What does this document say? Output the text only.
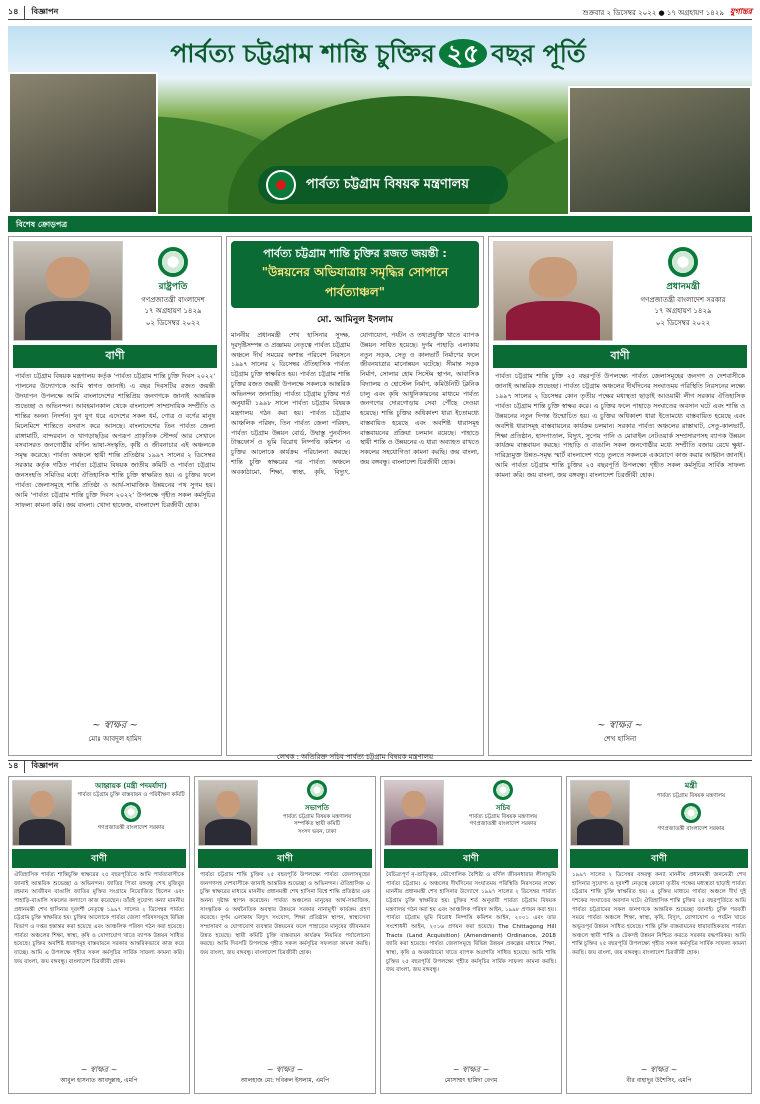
১৪	বিজ্ঞাপন	শুক্রবার ২ ডিসেম্বর ২০২২ ● ১৭ অগ্রহায়ণ ১৪২৯ যুগান্তর
পার্বত্য চট্টগ্রাম শান্তি চুক্তির ২৫ বছর পূর্তি
পার্বত্য চট্টগ্রাম বিষয়ক মন্ত্রণালয়
বিশেষ ক্রোড়পত্র
রাষ্ট্রপতি
গণপ্রজাতন্ত্রী বাংলাদেশ
১৭ অগ্রহায়ণ ১৪২৯
০২ ডিসেম্বর ২০২২
বাণী
পার্বত্য চট্টগ্রাম বিষয়ক মন্ত্রণালয় কর্তৃক 'পার্বত্য চট্টগ্রাম শান্তি চুক্তি দিবস ২০২২' পালনের উদ্যোগকে আমি স্বাগত জানাই। এ বছর দিবসটির রজত জয়ন্তী উদযাপন উপলক্ষে আমি বাংলাদেশের শান্তিপ্রিয় জনগণকে জানাই আন্তরিক শুভেচ্ছা ও অভিনন্দন। আবহমানকাল থেকে বাংলাদেশ সাম্প্রদায়িক সম্প্রীতি ও শান্তির অনন্য নিদর্শন। যুগ যুগ ধরে এদেশের সকল ধর্ম, গোত্র ও বর্ণের মানুষ মিলেমিশে শান্তিতে বসবাস করে আসছে। বাংলাদেশের তিন পার্বত্য জেলা রাঙ্গামাটি, বান্দরবান ও খাগড়াছড়ির অপরূপ প্রাকৃতিক সৌন্দর্য আর সেখানে বসবাসরত জনগোষ্ঠীর বর্ণিল ভাষা-সংস্কৃতি, কৃষ্টি ও জীবনাচার এই অঞ্চলকে সমৃদ্ধ করেছে। পার্বত্য অঞ্চলে স্থায়ী শান্তি প্রতিষ্ঠায় ১৯৯৭ সালের ২ ডিসেম্বর সরকার কর্তৃক গঠিত পার্বত্য চট্টগ্রাম বিষয়ক জাতীয় কমিটি ও পার্বত্য চট্টগ্রাম জনসংহতি সমিতির মধ্যে ঐতিহাসিক শান্তি চুক্তি স্বাক্ষরিত হয়। এ চুক্তির ফলে পার্বত্য জেলাসমূহে শান্তি প্রতিষ্ঠা ও আর্থ-সামাজিক উন্নয়নের পথ সুগম হয়। আমি 'পার্বত্য চট্টগ্রাম শান্তি চুক্তি দিবস ২০২২' উপলক্ষে গৃহীত সকল কর্মসূচির সাফল্য কামনা করি। জয় বাংলা। খোদা হাফেজ, বাংলাদেশ চিরজীবী হোক।
~ স্বাক্ষর ~
মোঃ আবদুল হামিদ
পার্বত্য চট্টগ্রাম শান্তি চুক্তির রজত জয়ন্তী :
"উন্নয়নের অভিযাত্রায় সমৃদ্ধির সোপানে পার্বত্যাঞ্চল"
মো. আমিনুল ইসলাম
মাননীয় প্রধানমন্ত্রী শেখ হাসিনার সুদক্ষ, দূরদৃষ্টিসম্পন্ন ও প্রজ্ঞাময় নেতৃত্বে পার্বত্য চট্টগ্রাম অঞ্চলে দীর্ঘ সময়ের অশান্ত পরিবেশ নিরসনে ১৯৯৭ সালের ২ ডিসেম্বর ঐতিহাসিক পার্বত্য চট্টগ্রাম চুক্তি স্বাক্ষরিত হয়। পার্বত্য চট্টগ্রাম শান্তি চুক্তির রজত জয়ন্তী উপলক্ষে সকলকে আন্তরিক অভিনন্দন জানাচ্ছি। পার্বত্য চট্টগ্রাম চুক্তির শর্ত অনুযায়ী ১৯৯৮ সালে পার্বত্য চট্টগ্রাম বিষয়ক মন্ত্রণালয় গঠন করা হয়। পার্বত্য চট্টগ্রাম আঞ্চলিক পরিষদ, তিন পার্বত্য জেলা পরিষদ, পার্বত্য চট্টগ্রাম উন্নয়ন বোর্ড, উদ্বাস্তু পুনর্বাসন টাস্কফোর্স ও ভূমি বিরোধ নিষ্পত্তি কমিশন এ চুক্তির আলোকে কার্যক্রম পরিচালনা করছে। শান্তি চুক্তি স্বাক্ষরের পর পার্বত্য অঞ্চলে অবকাঠামো, শিক্ষা, স্বাস্থ্য, কৃষি, বিদ্যুৎ, যোগাযোগ, পর্যটন ও তথ্যপ্রযুক্তি খাতে ব্যাপক উন্নয়ন সাধিত হয়েছে। দুর্গম পাহাড়ি এলাকায় নতুন সড়ক, সেতু ও কালভার্ট নির্মাণের ফলে জীবনযাত্রার মানোন্নয়ন ঘটেছে। সীমান্ত সড়ক নির্মাণ, সোলার হোম সিস্টেম স্থাপন, আবাসিক বিদ্যালয় ও হোস্টেল নির্মাণ, কমিউনিটি ক্লিনিক চালু এবং কৃষি আধুনিকায়নের মাধ্যমে পার্বত্য জনগণের দোরগোড়ায় সেবা পৌঁছে দেওয়া হয়েছে। শান্তি চুক্তির অধিকাংশ ধারা ইতোমধ্যে বাস্তবায়িত হয়েছে এবং অবশিষ্ট ধারাসমূহ বাস্তবায়নের প্রক্রিয়া চলমান রয়েছে। পাহাড়ে স্থায়ী শান্তি ও উন্নয়নের এ ধারা অব্যাহত রাখতে সকলের সহযোগিতা কামনা করছি। জয় বাংলা, জয় বঙ্গবন্ধু। বাংলাদেশ চিরজীবী হোক।
লেখক : অতিরিক্ত সচিব পার্বত্য চট্টগ্রাম বিষয়ক মন্ত্রণালয়
প্রধানমন্ত্রী
গণপ্রজাতন্ত্রী বাংলাদেশ সরকার
১৭ অগ্রহায়ণ ১৪২৯
০২ ডিসেম্বর ২০২২
বাণী
পার্বত্য চট্টগ্রাম শান্তি চুক্তি ২৫ বছরপূর্তি উপলক্ষ্যে পার্বত্য জেলাসমূহের জনগণ ও দেশবাসীকে জানাই আন্তরিক শুভেচ্ছা। পার্বত্য চট্টগ্রাম অঞ্চলের দীর্ঘদিনের সংঘাতময় পরিস্থিতি নিরসনের লক্ষ্যে ১৯৯৭ সালের ২ ডিসেম্বর কোন তৃতীয় পক্ষের মধ্যস্থতা ছাড়াই আওয়ামী লীগ সরকার ঐতিহাসিক পার্বত্য চট্টগ্রাম শান্তি চুক্তি স্বাক্ষর করে। এ চুক্তির ফলে পাহাড়ে সংঘাতের অবসান ঘটে এবং শান্তি ও উন্নয়নের নতুন দিগন্ত উন্মোচিত হয়। এ চুক্তির অধিকাংশ ধারা ইতোমধ্যে বাস্তবায়িত হয়েছে এবং অবশিষ্ট ধারাসমূহ বাস্তবায়নের কার্যক্রম চলমান। সরকার পার্বত্য অঞ্চলের রাস্তাঘাট, সেতু-কালভার্ট, শিক্ষা প্রতিষ্ঠান, হাসপাতাল, বিদ্যুৎ, সুপেয় পানি ও মোবাইল নেটওয়ার্ক সম্প্রসারণসহ ব্যাপক উন্নয়ন কার্যক্রম বাস্তবায়ন করছে। পাহাড়ি ও বাঙালি সকল জনগোষ্ঠীর মধ্যে সম্প্রীতি বজায় রেখে ক্ষুধা-দারিদ্র্যমুক্ত উন্নত-সমৃদ্ধ স্মার্ট বাংলাদেশ গড়ে তুলতে সকলকে একযোগে কাজ করার আহ্বান জানাই। আমি পার্বত্য চট্টগ্রাম শান্তি চুক্তির ২৫ বছরপূর্তি উপলক্ষ্যে গৃহীত সকল কর্মসূচির সার্বিক সাফল্য কামনা করি। জয় বাংলা, জয় বঙ্গবন্ধু। বাংলাদেশ চিরজীবী হোক।
~ স্বাক্ষর ~
শেখ হাসিনা
১৪	বিজ্ঞাপন
আহ্বায়ক (মন্ত্রী পদমর্যাদা)
পার্বত্য চট্টগ্রাম চুক্তি বাস্তবায়ন ও পরিবীক্ষণ কমিটি
গণপ্রজাতন্ত্রী বাংলাদেশ সরকার
বাণী
ঐতিহাসিক পার্বত্য শান্তিচুক্তি স্বাক্ষরের ২৫ বছরপূর্তিতে আমি পার্বত্যবাসীকে জানাই আন্তরিক শুভেচ্ছা ও অভিনন্দন। জাতির পিতা বঙ্গবন্ধু শেখ মুজিবুর রহমান আজীবন বাঙালি জাতির মুক্তির সংগ্রামে নিয়োজিত ছিলেন এবং পাহাড়ি-বাঙালি সকলের কল্যাণে কাজ করেছেন। তাঁরই সুযোগ্য কন্যা মাননীয় প্রধানমন্ত্রী শেখ হাসিনার দূরদর্শী নেতৃত্বে ১৯৯৭ সালের ২ ডিসেম্বর পার্বত্য চট্টগ্রাম চুক্তি স্বাক্ষরিত হয়। চুক্তির আলোকে পার্বত্য জেলা পরিষদসমূহে বিভিন্ন বিভাগ ও দপ্তর হস্তান্তর করা হয়েছে এবং আঞ্চলিক পরিষদ গঠন করা হয়েছে। পার্বত্য অঞ্চলের শিক্ষা, স্বাস্থ্য, কৃষি ও যোগাযোগ খাতে ব্যাপক উন্নয়ন সাধিত হয়েছে। চুক্তির অবশিষ্ট ধারাসমূহ বাস্তবায়নে সরকার আন্তরিকভাবে কাজ করে যাচ্ছে। আমি এ উপলক্ষে গৃহীত সকল কর্মসূচির সার্বিক সাফল্য কামনা করি। জয় বাংলা, জয় বঙ্গবন্ধু। বাংলাদেশ চিরজীবী হোক।
~ স্বাক্ষর ~
আবুল হাসনাত আবদুল্লাহ, এমপি
সভাপতি
পার্বত্য চট্টগ্রাম বিষয়ক মন্ত্রণালয়
সম্পর্কিত স্থায়ী কমিটি
সংসদ ভবন, ঢাকা
বাণী
পার্বত্য চট্টগ্রাম শান্তি চুক্তির ২৫ বছরপূর্তি উপলক্ষ্যে পার্বত্য জেলাসমূহের জনগণসহ দেশবাসীকে জানাই আন্তরিক শুভেচ্ছা ও অভিনন্দন। ঐতিহাসিক এ চুক্তি স্বাক্ষরের মাধ্যমে মাননীয় প্রধানমন্ত্রী শেখ হাসিনা বিশ্বে শান্তি প্রতিষ্ঠার এক অনন্য দৃষ্টান্ত স্থাপন করেছেন। পার্বত্য অঞ্চলের মানুষের আর্থ-সামাজিক, সাংস্কৃতিক ও অর্থনৈতিক অবস্থার উন্নয়নে সরকার নানামুখী কার্যক্রম গ্রহণ করেছে। দুর্গম এলাকায় বিদ্যুৎ সংযোগ, শিক্ষা প্রতিষ্ঠান স্থাপন, স্বাস্থ্যসেবা সম্প্রসারণ ও যোগাযোগ ব্যবস্থার উন্নয়নের ফলে পাহাড়ের মানুষের জীবনমান উন্নত হয়েছে। স্থায়ী কমিটি চুক্তি বাস্তবায়ন কার্যক্রম নিয়মিত পর্যালোচনা করছে। আমি দিবসটি উপলক্ষে গৃহীত সকল কর্মসূচির সফলতা কামনা করছি। জয় বাংলা, জয় বঙ্গবন্ধু। বাংলাদেশ চিরজীবী হোক।
~ স্বাক্ষর ~
আলহাজ মো: দবিরুল ইসলাম, এমপি
সচিব
পার্বত্য চট্টগ্রাম বিষয়ক মন্ত্রণালয়
গণপ্রজাতন্ত্রী বাংলাদেশ সরকার
বাণী
বৈচিত্র্যপূর্ণ নৃ-তাত্ত্বিক, ভৌগোলিক বৈশিষ্ট্য ও বর্ণিল জীবনধারার লীলাভূমি পার্বত্য চট্টগ্রাম। এ অঞ্চলের দীর্ঘদিনের সংঘাতময় পরিস্থিতি নিরসনের লক্ষ্যে মাননীয় প্রধানমন্ত্রী শেখ হাসিনার উদ্যোগে ১৯৯৭ সালের ২ ডিসেম্বর পার্বত্য চট্টগ্রাম চুক্তি স্বাক্ষরিত হয়। চুক্তির শর্ত অনুযায়ী পার্বত্য চট্টগ্রাম বিষয়ক মন্ত্রণালয় গঠন করা হয় এবং আঞ্চলিক পরিষদ আইন, ১৯৯৮ প্রণয়ন করা হয়। পার্বত্য চট্টগ্রাম ভূমি বিরোধ নিষ্পত্তি কমিশন আইন, ২০০১ এবং তার সংশোধনী আইন, ২০১৬ প্রণয়ন করা হয়েছে। The Chittagong Hill Tracts (Land Acquisition) (Amendment) Ordinance, 2018 জারি করা হয়েছে। পার্বত্য জেলাসমূহে বিভিন্ন উন্নয়ন প্রকল্পের মাধ্যমে শিক্ষা, স্বাস্থ্য, কৃষি ও অবকাঠামো খাতে ব্যাপক অগ্রগতি সাধিত হয়েছে। আমি শান্তি চুক্তির ২৫ বছরপূর্তি উপলক্ষ্যে গৃহীত কর্মসূচির সার্বিক সাফল্য কামনা করছি। জয় বাংলা, জয় বঙ্গবন্ধু।
~ স্বাক্ষর ~
মোসাম্মৎ হামিদা বেগম
মন্ত্রী
পার্বত্য চট্টগ্রাম বিষয়ক মন্ত্রণালয়
গণপ্রজাতন্ত্রী বাংলাদেশ সরকার
বাণী
১৯৯৭ সালের ২ ডিসেম্বর বঙ্গবন্ধু কন্যা মাননীয় প্রধানমন্ত্রী জননেত্রী শেখ হাসিনার সুযোগ্য ও দূরদর্শী নেতৃত্বে কোনো তৃতীয় পক্ষের মধ্যস্থতা ছাড়াই পার্বত্য চট্টগ্রাম শান্তি চুক্তি স্বাক্ষরিত হয়। এ চুক্তির মাধ্যমে পার্বত্য অঞ্চলে দীর্ঘ দুই দশকের সংঘাতের অবসান ঘটে। ঐতিহাসিক শান্তি চুক্তির ২৫ বছরপূর্তিতে আমি পার্বত্য চট্টগ্রামের সকল জনগণকে আন্তরিক শুভেচ্ছা জানাই। চুক্তি পরবর্তী সময়ে পার্বত্য অঞ্চলে শিক্ষা, স্বাস্থ্য, কৃষি, বিদ্যুৎ, যোগাযোগ ও পর্যটন খাতে অভূতপূর্ব উন্নয়ন সাধিত হয়েছে। শান্তি চুক্তি বাস্তবায়নের ধারাবাহিকতায় পার্বত্য অঞ্চলে স্থায়ী শান্তি ও টেকসই উন্নয়ন নিশ্চিত করতে সরকার বদ্ধপরিকর। আমি শান্তি চুক্তির ২৫ বছরপূর্তি উপলক্ষ্যে গৃহীত সকল কর্মসূচির সার্বিক সাফল্য কামনা করছি। জয় বাংলা, জয় বঙ্গবন্ধু। বাংলাদেশ চিরজীবী হোক।
~ স্বাক্ষর ~
বীর বাহাদুর উশৈসিং, এমপি
